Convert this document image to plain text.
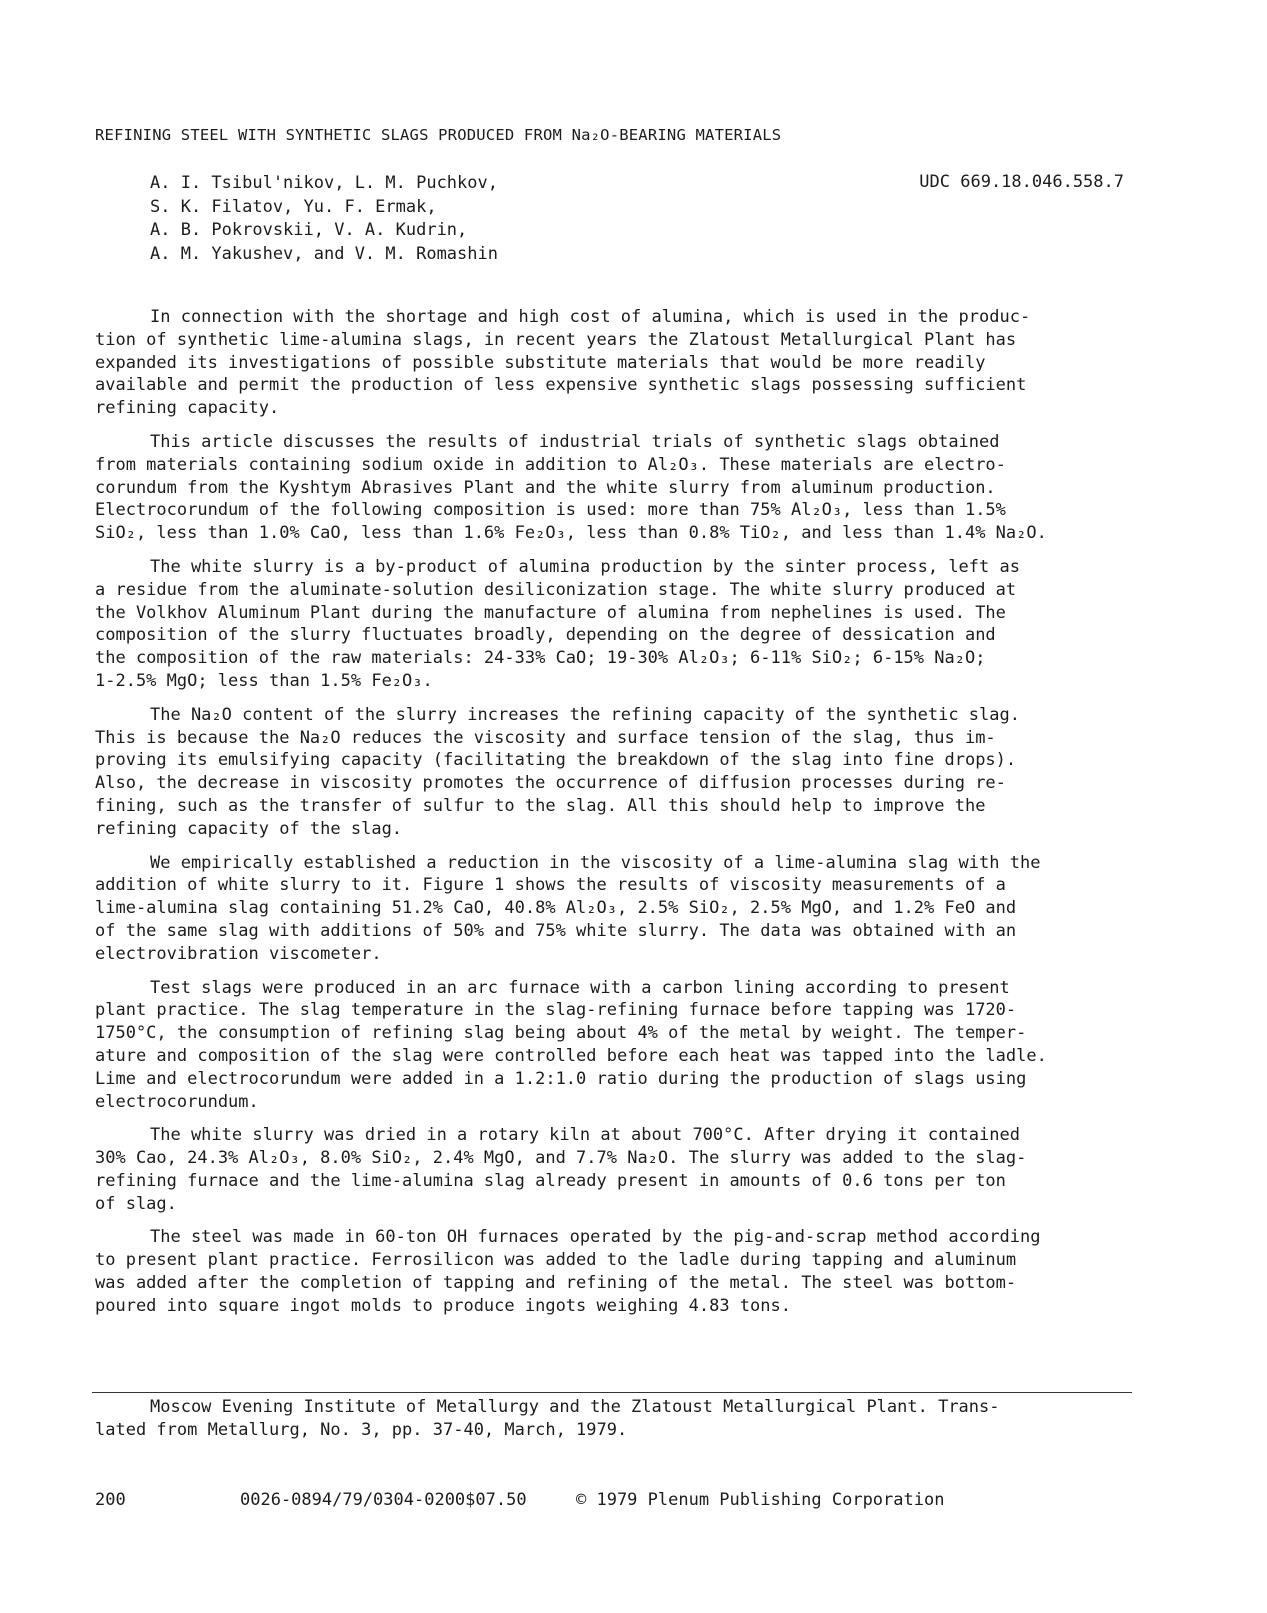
REFINING STEEL WITH SYNTHETIC SLAGS PRODUCED FROM Na₂O-BEARING MATERIALS
A. I. Tsibul'nikov, L. M. Puchkov,
S. K. Filatov, Yu. F. Ermak,
A. B. Pokrovskii, V. A. Kudrin,
A. M. Yakushev, and V. M. Romashin
UDC 669.18.046.558.7
In connection with the shortage and high cost of alumina, which is used in the produc-
tion of synthetic lime-alumina slags, in recent years the Zlatoust Metallurgical Plant has
expanded its investigations of possible substitute materials that would be more readily
available and permit the production of less expensive synthetic slags possessing sufficient
refining capacity.
This article discusses the results of industrial trials of synthetic slags obtained
from materials containing sodium oxide in addition to Al₂O₃. These materials are electro-
corundum from the Kyshtym Abrasives Plant and the white slurry from aluminum production.
Electrocorundum of the following composition is used: more than 75% Al₂O₃, less than 1.5%
SiO₂, less than 1.0% CaO, less than 1.6% Fe₂O₃, less than 0.8% TiO₂, and less than 1.4% Na₂O.
The white slurry is a by-product of alumina production by the sinter process, left as
a residue from the aluminate-solution desiliconization stage. The white slurry produced at
the Volkhov Aluminum Plant during the manufacture of alumina from nephelines is used. The
composition of the slurry fluctuates broadly, depending on the degree of dessication and
the composition of the raw materials: 24-33% CaO; 19-30% Al₂O₃; 6-11% SiO₂; 6-15% Na₂O;
1-2.5% MgO; less than 1.5% Fe₂O₃.
The Na₂O content of the slurry increases the refining capacity of the synthetic slag.
This is because the Na₂O reduces the viscosity and surface tension of the slag, thus im-
proving its emulsifying capacity (facilitating the breakdown of the slag into fine drops).
Also, the decrease in viscosity promotes the occurrence of diffusion processes during re-
fining, such as the transfer of sulfur to the slag. All this should help to improve the
refining capacity of the slag.
We empirically established a reduction in the viscosity of a lime-alumina slag with the
addition of white slurry to it. Figure 1 shows the results of viscosity measurements of a
lime-alumina slag containing 51.2% CaO, 40.8% Al₂O₃, 2.5% SiO₂, 2.5% MgO, and 1.2% FeO and
of the same slag with additions of 50% and 75% white slurry. The data was obtained with an
electrovibration viscometer.
Test slags were produced in an arc furnace with a carbon lining according to present
plant practice. The slag temperature in the slag-refining furnace before tapping was 1720-
1750°C, the consumption of refining slag being about 4% of the metal by weight. The temper-
ature and composition of the slag were controlled before each heat was tapped into the ladle.
Lime and electrocorundum were added in a 1.2:1.0 ratio during the production of slags using
electrocorundum.
The white slurry was dried in a rotary kiln at about 700°C. After drying it contained
30% Cao, 24.3% Al₂O₃, 8.0% SiO₂, 2.4% MgO, and 7.7% Na₂O. The slurry was added to the slag-
refining furnace and the lime-alumina slag already present in amounts of 0.6 tons per ton
of slag.
The steel was made in 60-ton OH furnaces operated by the pig-and-scrap method according
to present plant practice. Ferrosilicon was added to the ladle during tapping and aluminum
was added after the completion of tapping and refining of the metal. The steel was bottom-
poured into square ingot molds to produce ingots weighing 4.83 tons.
Moscow Evening Institute of Metallurgy and the Zlatoust Metallurgical Plant. Trans-
lated from Metallurg, No. 3, pp. 37-40, March, 1979.
200	0026-0894/79/0304-0200$07.50	© 1979 Plenum Publishing Corporation
